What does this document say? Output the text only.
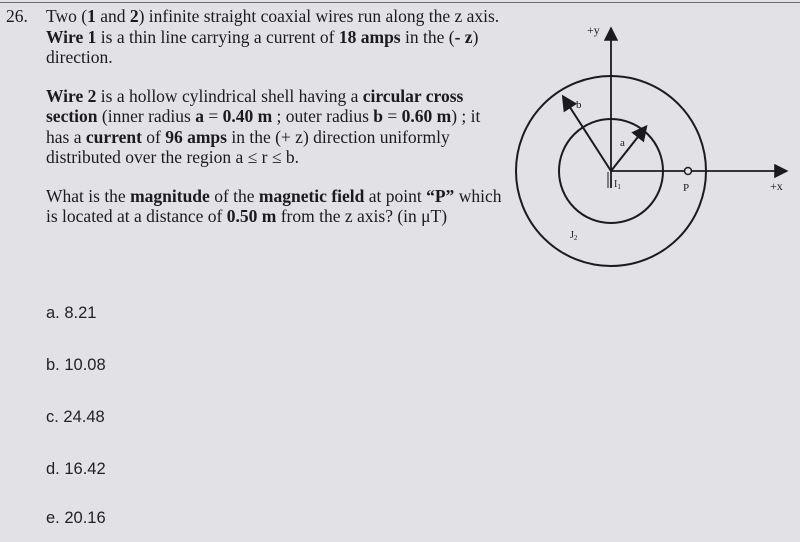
26. Two (1 and 2) infinite straight coaxial wires run along the z axis. Wire 1 is a thin line carrying a current of 18 amps in the (- z) direction.

Wire 2 is a hollow cylindrical shell having a circular cross section (inner radius a = 0.40 m ; outer radius b = 0.60 m) ; it has a current of 96 amps in the (+ z) direction uniformly distributed over the region a ≤ r ≤ b.

What is the magnitude of the magnetic field at point “P” which is located at a distance of 0.50 m from the z axis? (in μT)

a. 8.21
b. 10.08
c. 24.48
d. 16.42
e. 20.16
+y
+x
b
a
$I_1$	P
$J_2$
